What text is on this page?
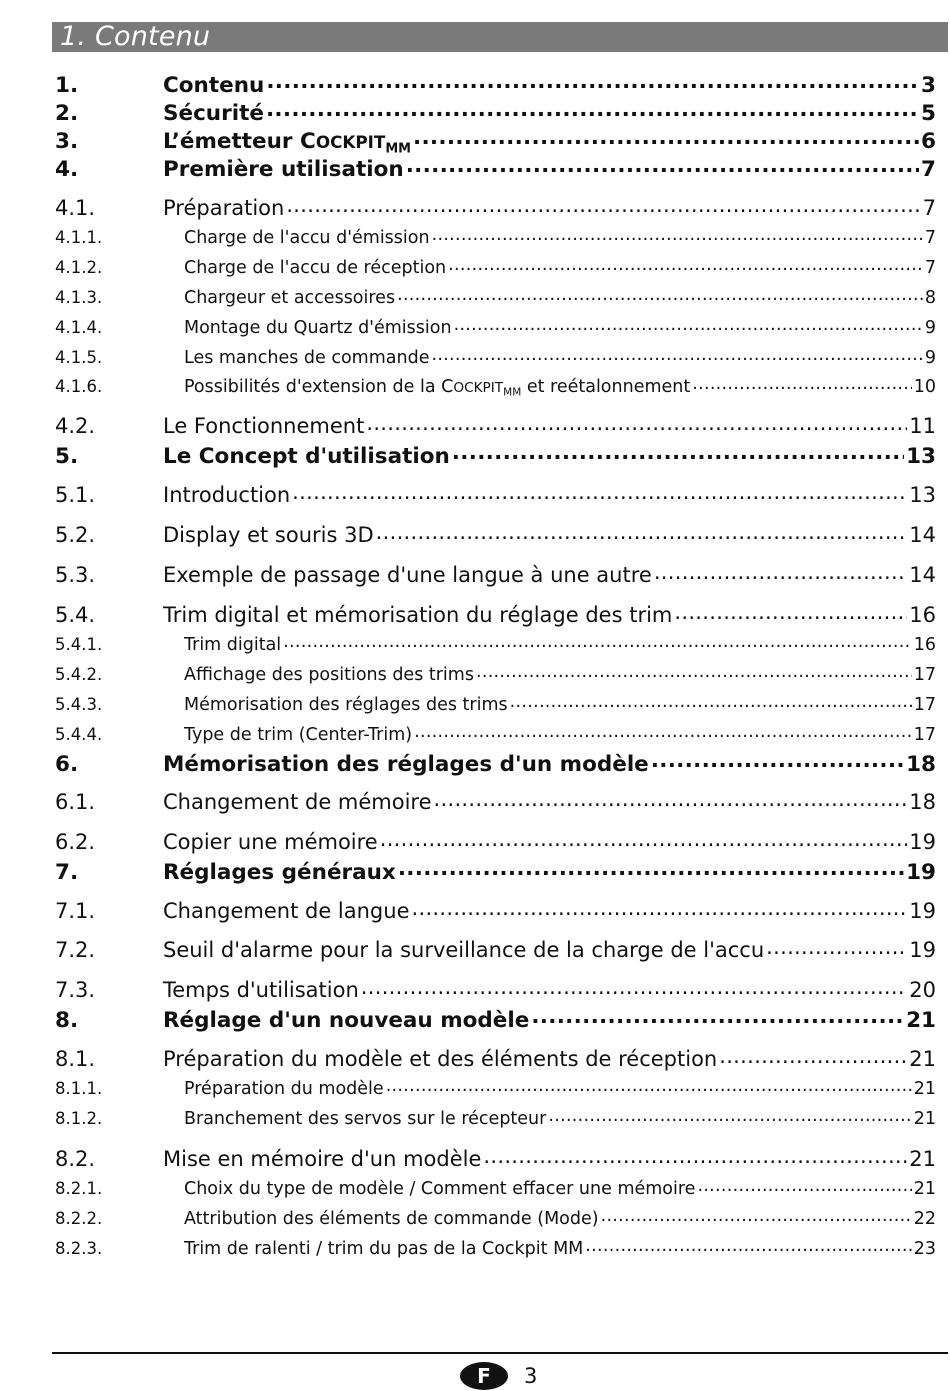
1. Contenu
1.	Contenu .....	3
2.	Sécurité .....	5
3.	L’émetteur $COCKPIT_{MM}$ .....	6
4.	Première utilisation .....	7
4.1.	Préparation .....	7
4.1.1.	Charge de l'accu d'émission .....	7
4.1.2.	Charge de l'accu de réception .....	7
4.1.3.	Chargeur et accessoires .....	8
4.1.4.	Montage du Quartz d'émission .....	9
4.1.5.	Les manches de commande .....	9
4.1.6.	Possibilités d'extension de la $COCKPIT_{MM}$ et reétalonnement .....	10
4.2.	Le Fonctionnement .....	11
5.	Le Concept d'utilisation .....	13
5.1.	Introduction .....	13
5.2.	Display et souris 3D .....	14
5.3.	Exemple de passage d'une langue à une autre .....	14
5.4.	Trim digital et mémorisation du réglage des trim .....	16
5.4.1.	Trim digital .....	16
5.4.2.	Affichage des positions des trims .....	17
5.4.3.	Mémorisation des réglages des trims .....	17
5.4.4.	Type de trim (Center-Trim) .....	17
6.	Mémorisation des réglages d'un modèle .....	18
6.1.	Changement de mémoire .....	18
6.2.	Copier une mémoire .....	19
7.	Réglages généraux .....	19
7.1.	Changement de langue .....	19
7.2.	Seuil d'alarme pour la surveillance de la charge de l'accu .....	19
7.3.	Temps d'utilisation .....	20
8.	Réglage d'un nouveau modèle .....	21
8.1.	Préparation du modèle et des éléments de réception .....	21
8.1.1.	Préparation du modèle .....	21
8.1.2.	Branchement des servos sur le récepteur .....	21
8.2.	Mise en mémoire d'un modèle .....	21
8.2.1.	Choix du type de modèle / Comment effacer une mémoire .....	21
8.2.2.	Attribution des éléments de commande (Mode) .....	22
8.2.3.	Trim de ralenti / trim du pas de la Cockpit MM .....	23
F	3
